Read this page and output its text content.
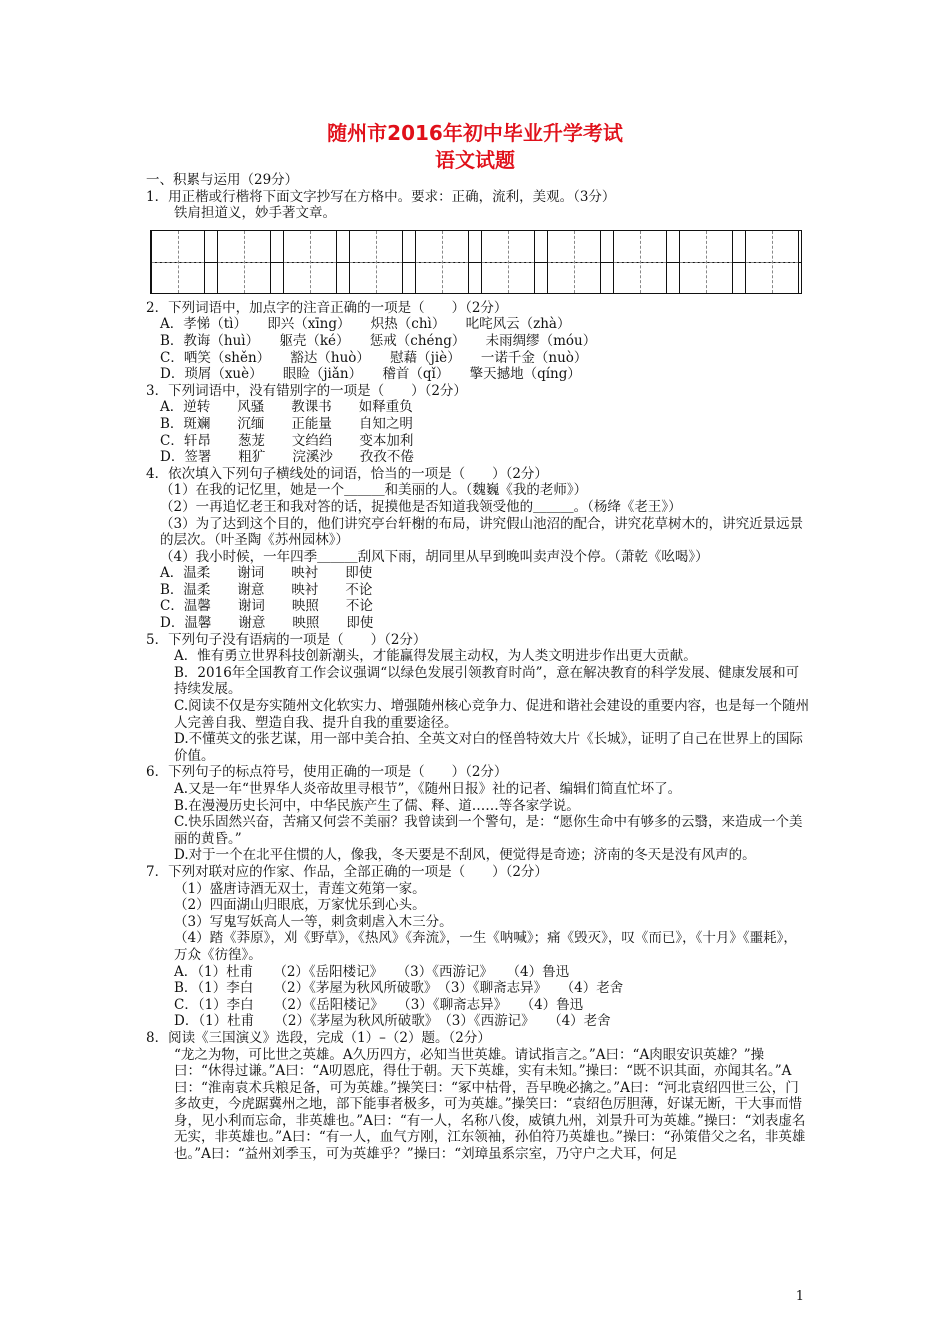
随州市2016年初中毕业升学考试
语文试题

一、积累与运用（29分）

1．用正楷或行楷将下面文字抄写在方格中。要求：正确，流利，美观。（3分）

铁肩担道义，妙手著文章。

2．下列词语中，加点字的注音正确的一项是（　　）（2分）

A．孝悌（tì）　　即兴（xīng）　　炽热（chì）　　叱咤风云（zhà）

B．教诲（huì）　　躯壳（ké）　　惩戒（chéng）　　未雨绸缪（móu）

C．哂笑（shěn）　　豁达（huò）　　慰藉（jiè）　　一诺千金（nuò）

D．琐屑（xuè）　　眼睑（jiǎn）　　稽首（qǐ）　　擎天撼地（qíng）

3．下列词语中，没有错别字的一项是（　　）（2分）

A．逆转　　风骚　　教课书　　如释重负

B．斑斓　　沉缅　　正能量　　自知之明

C．轩昂　　葱茏　　文绉绉　　变本加利

D．签署　　粗犷　　浣溪沙　　孜孜不倦

4．依次填入下列句子横线处的词语，恰当的一项是（　　）（2分）

（1）在我的记忆里，她是一个＿＿＿和美丽的人。（魏巍《我的老师》）

（2）一再追忆老王和我对答的话，捉摸他是否知道我领受他的＿＿＿。（杨绛《老王》）

（3）为了达到这个目的，他们讲究亭台轩榭的布局，讲究假山池沼的配合，讲究花草树木的，讲究近景远景的层次。（叶圣陶《苏州园林》）

（4）我小时候，一年四季＿＿＿刮风下雨，胡同里从早到晚叫卖声没个停。（萧乾《吆喝》）

A．温柔　　谢词　　映衬　　即使

B．温柔　　谢意　　映衬　　不论

C．温馨　　谢词　　映照　　不论

D．温馨　　谢意　　映照　　即使

5．下列句子没有语病的一项是（　　）（2分）

A．惟有勇立世界科技创新潮头，才能赢得发展主动权，为人类文明进步作出更大贡献。

B．2016年全国教育工作会议强调“以绿色发展引领教育时尚”，意在解决教育的科学发展、健康发展和可持续发展。

C.阅读不仅是夯实随州文化软实力、增强随州核心竞争力、促进和谐社会建设的重要内容，也是每一个随州人完善自我、塑造自我、提升自我的重要途径。

D.不懂英文的张艺谋，用一部中美合拍、全英文对白的怪兽特效大片《长城》，证明了自己在世界上的国际价值。

6．下列句子的标点符号，使用正确的一项是（　　）（2分）

A.又是一年“世界华人炎帝故里寻根节”，《随州日报》社的记者、编辑们简直忙坏了。

B.在漫漫历史长河中，中华民族产生了儒、释、道……等各家学说。

C.快乐固然兴奋，苦痛又何尝不美丽？我曾读到一个警句，是：“愿你生命中有够多的云翳，来造成一个美丽的黄昏。”

D.对于一个在北平住惯的人，像我，冬天要是不刮风，便觉得是奇迹；济南的冬天是没有风声的。

7．下列对联对应的作家、作品，全部正确的一项是（　　）（2分）

（1）盛唐诗酒无双士，青莲文苑第一家。

（2）四面湖山归眼底，万家忧乐到心头。

（3）写鬼写妖高人一等，刺贪刺虐入木三分。

（4）踏《莽原》，刈《野草》，《热风》《奔流》，一生《呐喊》；痛《毁灭》，叹《而已》，《十月》《噩耗》，万众《彷徨》。

A．（1）杜甫　　（2）《岳阳楼记》　　（3）《西游记》　　（4）鲁迅

B．（1）李白　　（2）《茅屋为秋风所破歌》　（3）《聊斋志异》　　（4）老舍

C．（1）李白　　（2）《岳阳楼记》　　（3）《聊斋志异》　　（4）鲁迅

D．（1）杜甫　　（2）《茅屋为秋风所破歌》　（3）《西游记》　　（4）老舍

8．阅读《三国演义》选段，完成（1）–（2）题。（2分）

“龙之为物，可比世之英雄。A久历四方，必知当世英雄。请试指言之。”A曰：“A肉眼安识英雄？”操曰：“休得过谦。”A曰：“A叨恩庇，得仕于朝。天下英雄，实有未知。”操曰：“既不识其面，亦闻其名。”A曰：“淮南袁术兵粮足备，可为英雄。”操笑曰：“冢中枯骨，吾早晚必擒之。”A曰：“河北袁绍四世三公，门多故吏，今虎踞冀州之地，部下能事者极多，可为英雄。”操笑曰：“袁绍色厉胆薄，好谋无断，干大事而惜身，见小利而忘命，非英雄也。”A曰：“有一人，名称八俊，威镇九州，刘景升可为英雄。”操曰：“刘表虚名无实，非英雄也。”A曰：“有一人，血气方刚，江东领袖，孙伯符乃英雄也。”操曰：“孙策借父之名，非英雄也。”A曰：“益州刘季玉，可为英雄乎？”操曰：“刘璋虽系宗室，乃守户之犬耳，何足

1
